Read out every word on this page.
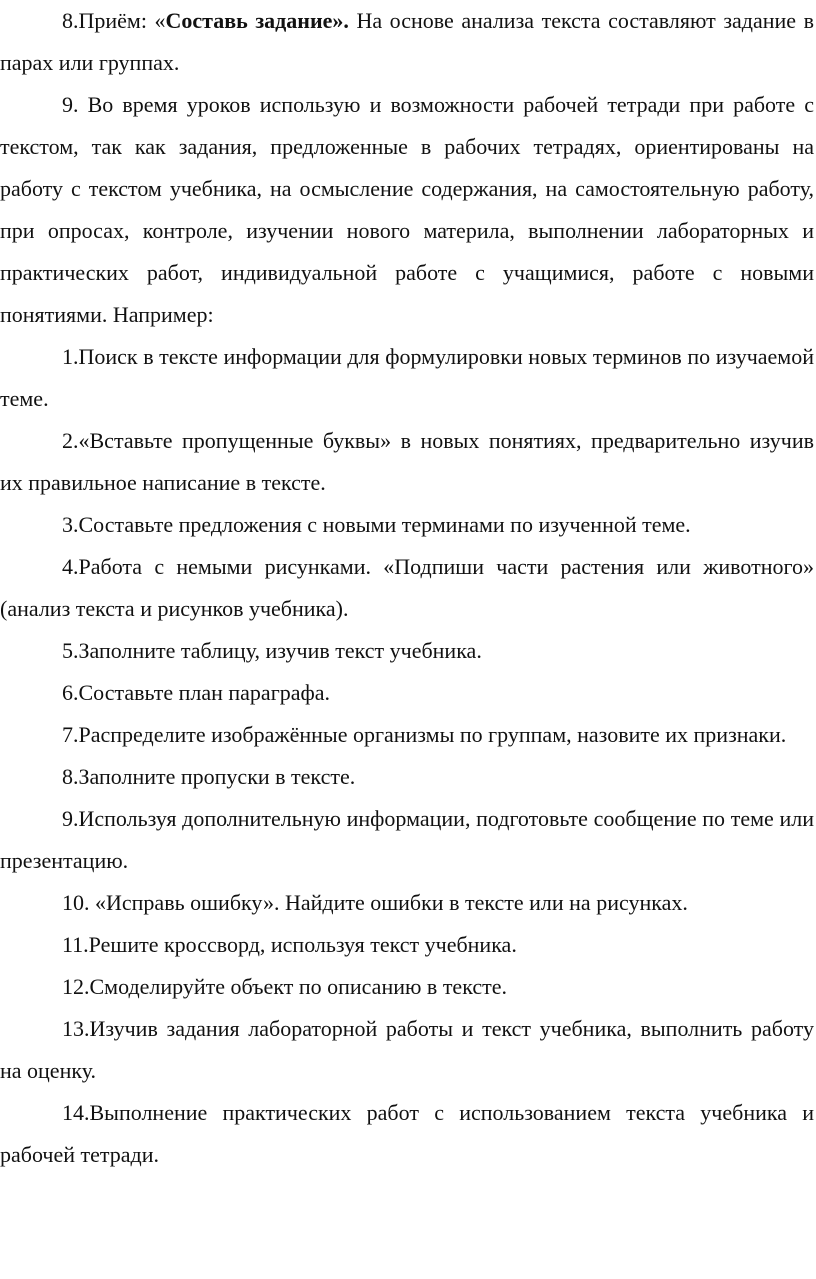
8.Приём: «Составь задание». На основе анализа текста составляют задание в парах или группах.

9. Во время уроков использую и возможности рабочей тетради при работе с текстом, так как задания, предложенные в рабочих тетрадях, ориентированы на работу с текстом учебника, на осмысление содержания, на самостоятельную работу, при опросах, контроле, изучении нового материла, выполнении лабораторных и практических работ, индивидуальной работе с учащимися, работе с новыми понятиями. Например:

1.Поиск в тексте информации для формулировки новых терминов по изучаемой теме.

2.«Вставьте пропущенные буквы» в новых понятиях, предварительно изучив их правильное написание в тексте.

3.Составьте предложения с новыми терминами по изученной теме.

4.Работа с немыми рисунками. «Подпиши части растения или животного» (анализ текста и рисунков учебника).

5.Заполните таблицу, изучив текст учебника.

6.Составьте план параграфа.

7.Распределите изображённые организмы по группам, назовите их признаки.

8.Заполните пропуски в тексте.

9.Используя дополнительную информации, подготовьте сообщение по теме или презентацию.

10. «Исправь ошибку». Найдите ошибки в тексте или на рисунках.

11.Решите кроссворд, используя текст учебника.

12.Смоделируйте объект по описанию в тексте.

13.Изучив задания лабораторной работы и текст учебника, выполнить работу на оценку.

14.Выполнение практических работ с использованием текста учебника и рабочей тетради.
